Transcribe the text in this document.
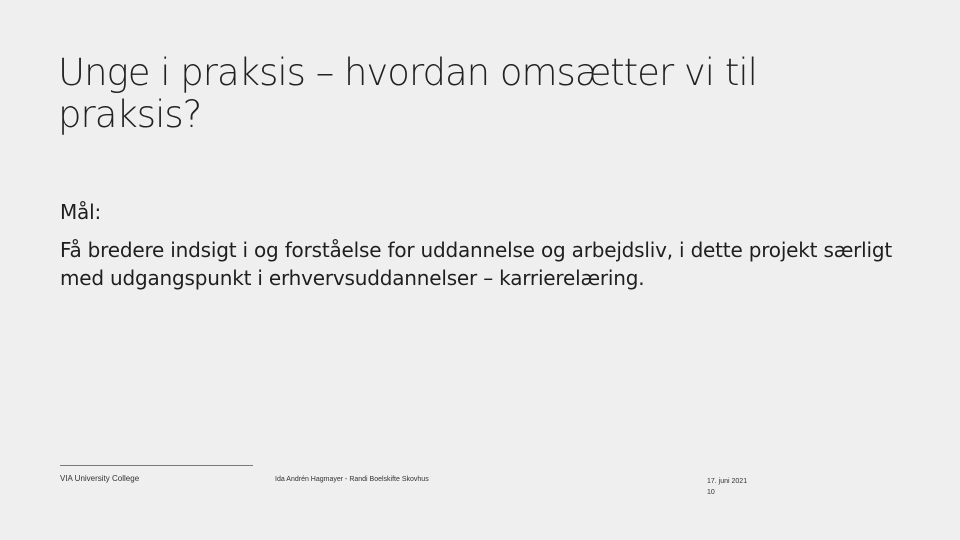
Unge i praksis – hvordan omsætter vi til praksis?

Mål:

Få bredere indsigt i og forståelse for uddannelse og arbejdsliv, i dette projekt særligt med udgangspunkt i erhvervsuddannelser – karrierelæring.

VIA University College	Ida Andrén Hagmayer - Randi Boelskifte Skovhus	17. juni 2021
10
